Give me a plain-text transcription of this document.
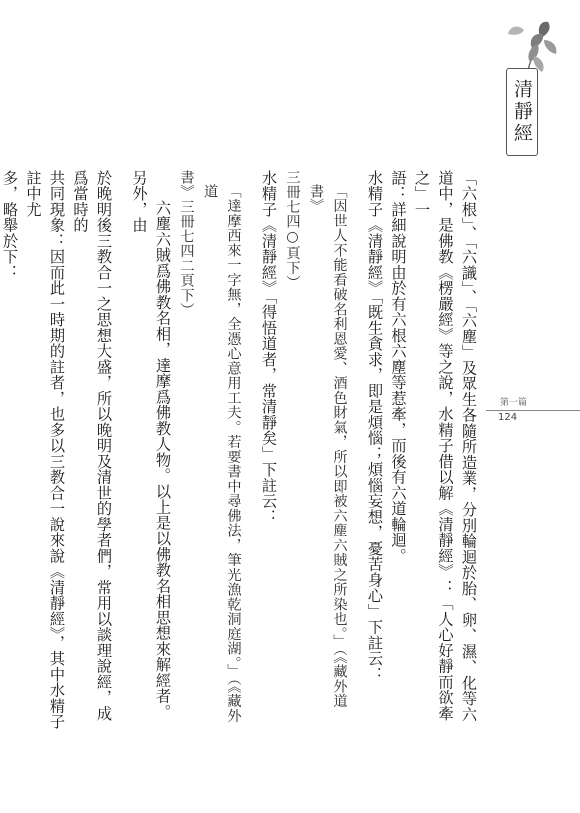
清靜經
第一篇
124

「六根」、「六識」、「六塵」及眾生各隨所造業，分別輪迴於胎、卵、濕、化等六

道中，是佛教《楞嚴經》等之說，水精子借以解《清靜經》：「人心好靜而欲牽之」一

語：詳細說明由於有六根六塵等惹牽，而後有六道輪迴。

水精子《清靜經》「既生貪求，即是煩惱；煩惱妄想，憂苦身心」下註云：

「因世人不能看破名利恩愛、酒色財氣，所以即被六塵六賊之所染也。」（《藏外道書》

三冊七四○頁下）

水精子《清靜經》「得悟道者，常清靜矣」下註云：

「達摩西來一字無，全憑心意用工夫。若要書中尋佛法，筆光漁乾洞庭湖。」（《藏外道

書》三冊七四二頁下）

六塵六賊爲佛教名相，達摩爲佛教人物。以上是以佛教名相思想來解經者。另外，由

於晚明後三教合一之思想大盛，所以晚明及清世的學者們，常用以談理說經，成爲當時的

共同現象：因而此一時期的註者，也多以三教合一說來說《清靜經》，其中水精子註中尤

多，略舉於下：
